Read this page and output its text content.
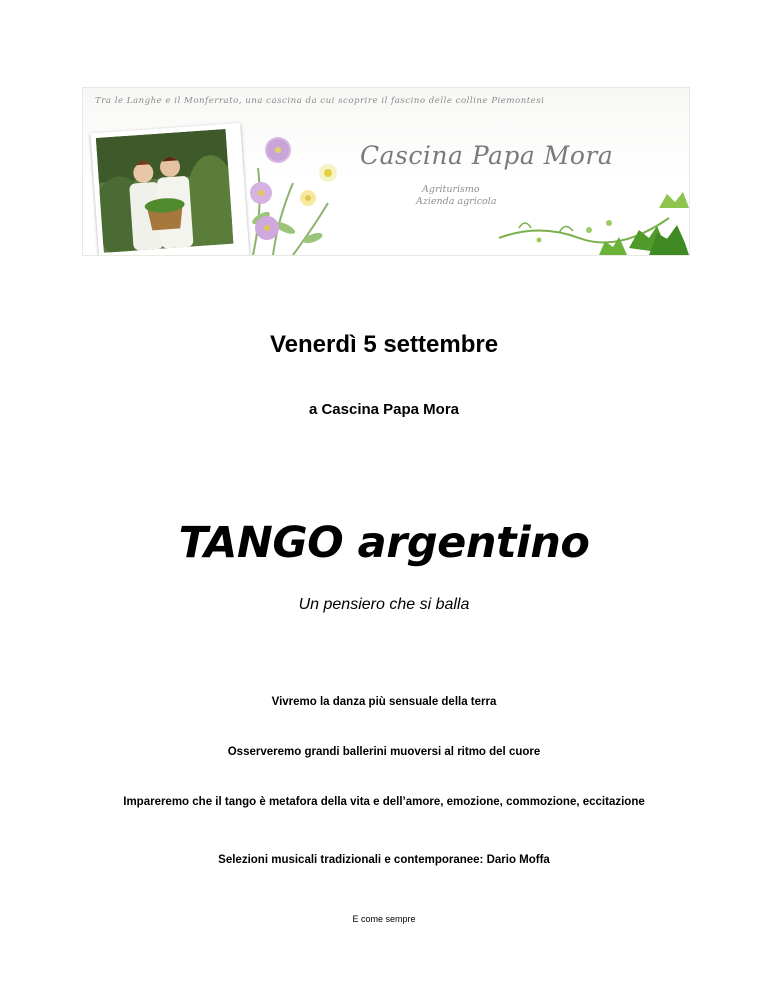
Tra le Langhe e il Monferrato, una cascina da cui scoprire il fascino delle colline Piemontesi
Cascina Papa Mora
Agriturismo
Azienda agricola
Venerdì 5 settembre
a Cascina Papa Mora
TANGO argentino
Un pensiero che si balla
Vivremo la danza più sensuale della terra
Osserveremo grandi ballerini muoversi al ritmo del cuore
Impareremo che il tango è metafora della vita e dell’amore, emozione, commozione, eccitazione
Selezioni musicali tradizionali e contemporanee: Dario Moffa
E come sempre
